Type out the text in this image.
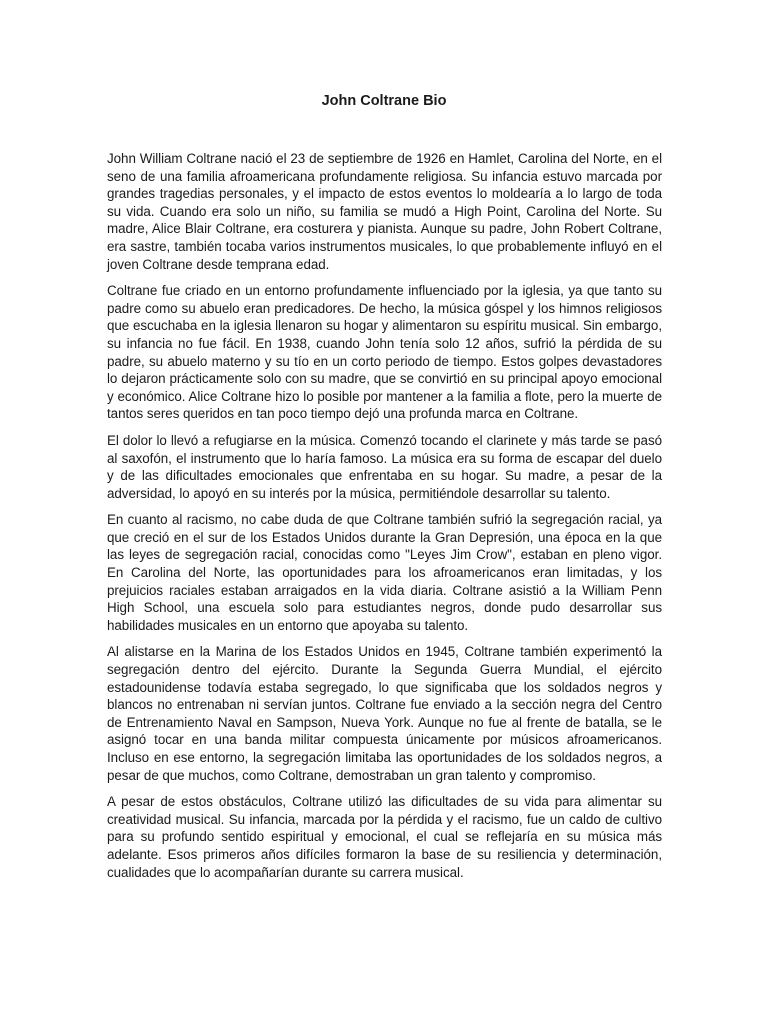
John Coltrane Bio

John William Coltrane nació el 23 de septiembre de 1926 en Hamlet, Carolina del Norte, en el seno de una familia afroamericana profundamente religiosa. Su infancia estuvo marcada por grandes tragedias personales, y el impacto de estos eventos lo moldearía a lo largo de toda su vida. Cuando era solo un niño, su familia se mudó a High Point, Carolina del Norte. Su madre, Alice Blair Coltrane, era costurera y pianista. Aunque su padre, John Robert Coltrane, era sastre, también tocaba varios instrumentos musicales, lo que probablemente influyó en el joven Coltrane desde temprana edad.

Coltrane fue criado en un entorno profundamente influenciado por la iglesia, ya que tanto su padre como su abuelo eran predicadores. De hecho, la música góspel y los himnos religiosos que escuchaba en la iglesia llenaron su hogar y alimentaron su espíritu musical. Sin embargo, su infancia no fue fácil. En 1938, cuando John tenía solo 12 años, sufrió la pérdida de su padre, su abuelo materno y su tío en un corto periodo de tiempo. Estos golpes devastadores lo dejaron prácticamente solo con su madre, que se convirtió en su principal apoyo emocional y económico. Alice Coltrane hizo lo posible por mantener a la familia a flote, pero la muerte de tantos seres queridos en tan poco tiempo dejó una profunda marca en Coltrane.

El dolor lo llevó a refugiarse en la música. Comenzó tocando el clarinete y más tarde se pasó al saxofón, el instrumento que lo haría famoso. La música era su forma de escapar del duelo y de las dificultades emocionales que enfrentaba en su hogar. Su madre, a pesar de la adversidad, lo apoyó en su interés por la música, permitiéndole desarrollar su talento.

En cuanto al racismo, no cabe duda de que Coltrane también sufrió la segregación racial, ya que creció en el sur de los Estados Unidos durante la Gran Depresión, una época en la que las leyes de segregación racial, conocidas como "Leyes Jim Crow", estaban en pleno vigor. En Carolina del Norte, las oportunidades para los afroamericanos eran limitadas, y los prejuicios raciales estaban arraigados en la vida diaria. Coltrane asistió a la William Penn High School, una escuela solo para estudiantes negros, donde pudo desarrollar sus habilidades musicales en un entorno que apoyaba su talento.

Al alistarse en la Marina de los Estados Unidos en 1945, Coltrane también experimentó la segregación dentro del ejército. Durante la Segunda Guerra Mundial, el ejército estadounidense todavía estaba segregado, lo que significaba que los soldados negros y blancos no entrenaban ni servían juntos. Coltrane fue enviado a la sección negra del Centro de Entrenamiento Naval en Sampson, Nueva York. Aunque no fue al frente de batalla, se le asignó tocar en una banda militar compuesta únicamente por músicos afroamericanos. Incluso en ese entorno, la segregación limitaba las oportunidades de los soldados negros, a pesar de que muchos, como Coltrane, demostraban un gran talento y compromiso.

A pesar de estos obstáculos, Coltrane utilizó las dificultades de su vida para alimentar su creatividad musical. Su infancia, marcada por la pérdida y el racismo, fue un caldo de cultivo para su profundo sentido espiritual y emocional, el cual se reflejaría en su música más adelante. Esos primeros años difíciles formaron la base de su resiliencia y determinación, cualidades que lo acompañarían durante su carrera musical.
